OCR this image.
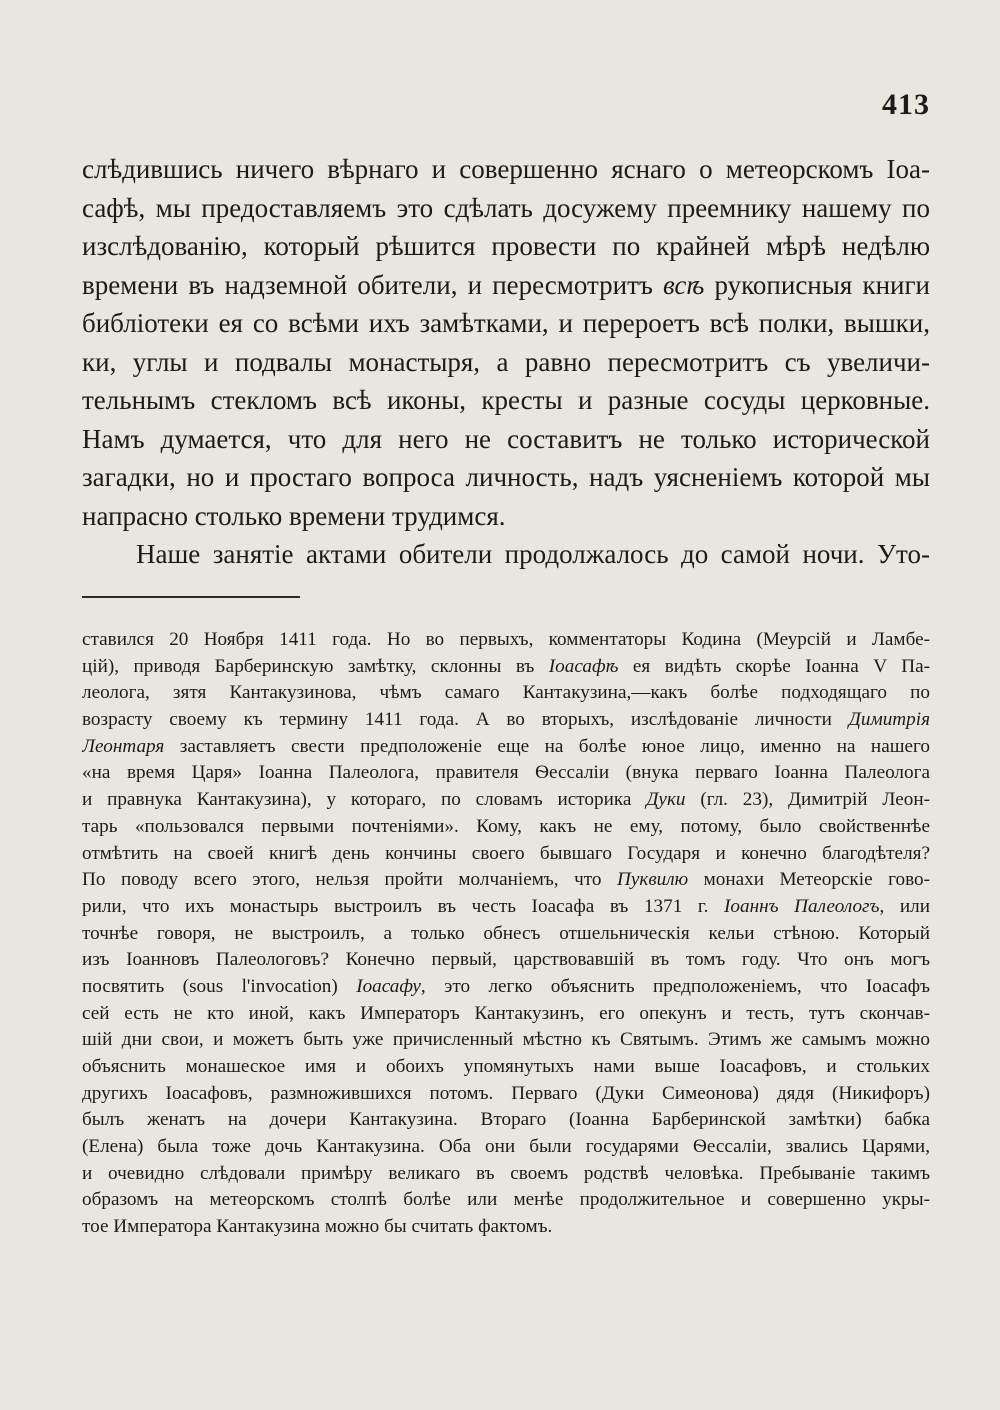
413
слѣдившись ничего вѣрнаго и совершенно яснаго о метеорскомъ Іоа-
сафѣ, мы предоставляемъ это сдѣлать досужему преемнику нашему по
изслѣдованію, который рѣшится провести по крайней мѣрѣ недѣлю
времени въ надземной обители, и пересмотритъ всѣ рукописныя книги
библіотеки ея со всѣми ихъ замѣтками, и перероетъ всѣ полки, вышки,
ки, углы и подвалы монастыря, а равно пересмотритъ съ увеличи-
тельнымъ стекломъ всѣ иконы, кресты и разные сосуды церковные.
Намъ думается, что для него не составитъ не только исторической
загадки, но и простаго вопроса личность, надъ уясненіемъ которой мы
напрасно столько времени трудимся.
Наше занятіе актами обители продолжалось до самой ночи. Уто-
ставился 20 Ноября 1411 года. Но во первыхъ, комментаторы Кодина (Меурсій и Ламбе-
цій), приводя Барберинскую замѣтку, склонны въ Іоасафѣ ея видѣть скорѣе Іоанна V Па-
леолога, зятя Кантакузинова, чѣмъ самаго Кантакузина,—какъ болѣе подходящаго по
возрасту своему къ термину 1411 года. А во вторыхъ, изслѣдованіе личности Димитрія
Леонтаря заставляетъ свести предположеніе еще на болѣе юное лицо, именно на нашего
«на время Царя» Іоанна Палеолога, правителя Ѳессаліи (внука перваго Іоанна Палеолога
и правнука Кантакузина), у котораго, по словамъ историка Дуки (гл. 23), Димитрій Леон-
тарь «пользовался первыми почтеніями». Кому, какъ не ему, потому, было свойственнѣе
отмѣтить на своей книгѣ день кончины своего бывшаго Государя и конечно благодѣтеля?
По поводу всего этого, нельзя пройти молчаніемъ, что Пуквилю монахи Метеорскіе гово-
рили, что ихъ монастырь выстроилъ въ честь Іоасафа въ 1371 г. Іоаннъ Палеологъ, или
точнѣе говоря, не выстроилъ, а только обнесъ отшельническія кельи стѣною. Который
изъ Іоанновъ Палеологовъ? Конечно первый, царствовавшій въ томъ году. Что онъ могъ
посвятить (sous l'invocation) Іоасафу, это легко объяснить предположеніемъ, что Іоасафъ
сей есть не кто иной, какъ Императоръ Кантакузинъ, его опекунъ и тесть, тутъ скончав-
шій дни свои, и можетъ быть уже причисленный мѣстно къ Святымъ. Этимъ же самымъ можно
объяснить монашеское имя и обоихъ упомянутыхъ нами выше Іоасафовъ, и стольких
другихъ Іоасафовъ, размножившихся потомъ. Перваго (Дуки Симеонова) дядя (Никифоръ)
былъ женатъ на дочери Кантакузина. Втораго (Іоанна Барберинской замѣтки) бабка
(Елена) была тоже дочь Кантакузина. Оба они были государями Ѳессаліи, звались Царями,
и очевидно слѣдовали примѣру великаго въ своемъ родствѣ человѣка. Пребываніе такимъ
образомъ на метеорскомъ столпѣ болѣе или менѣе продолжительное и совершенно укры-
тое Императора Кантакузина можно бы считать фактомъ.
